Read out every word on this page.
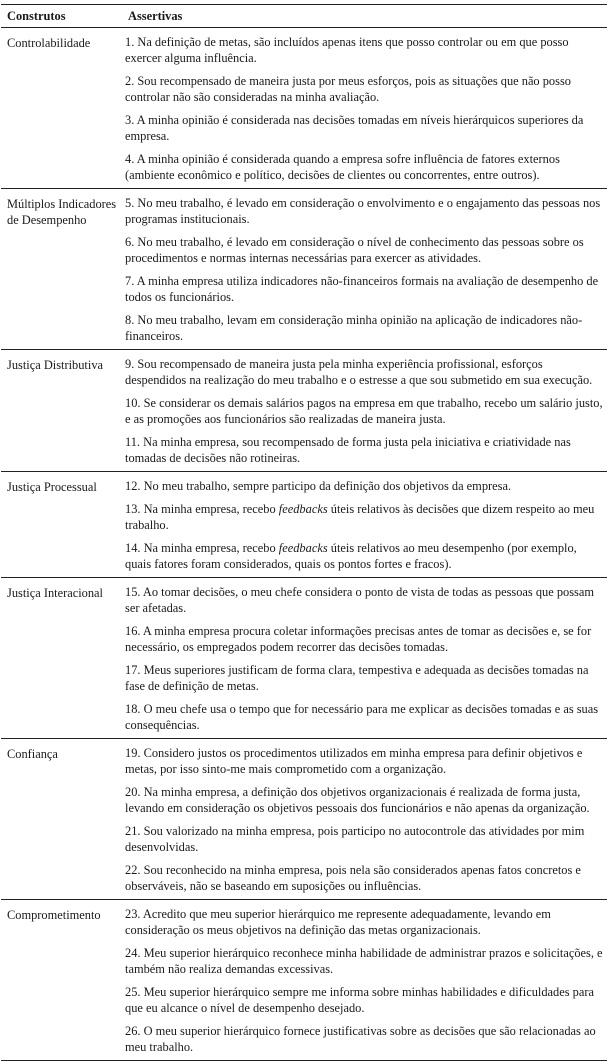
Construtos	Assertivas
Controlabilidade	1. Na definição de metas, são incluídos apenas itens que posso controlar ou em que posso exercer alguma influência.
2. Sou recompensado de maneira justa por meus esforços, pois as situações que não posso controlar não são consideradas na minha avaliação.
3. A minha opinião é considerada nas decisões tomadas em níveis hierárquicos superiores da empresa.
4. A minha opinião é considerada quando a empresa sofre influência de fatores externos (ambiente econômico e político, decisões de clientes ou concorrentes, entre outros).

Múltiplos Indicadores de Desempenho	5. No meu trabalho, é levado em consideração o envolvimento e o engajamento das pessoas nos programas institucionais.
6. No meu trabalho, é levado em consideração o nível de conhecimento das pessoas sobre os procedimentos e normas internas necessárias para exercer as atividades.
7. A minha empresa utiliza indicadores não-financeiros formais na avaliação de desempenho de todos os funcionários.
8. No meu trabalho, levam em consideração minha opinião na aplicação de indicadores não-financeiros.

Justiça Distributiva	9. Sou recompensado de maneira justa pela minha experiência profissional, esforços despendidos na realização do meu trabalho e o estresse a que sou submetido em sua execução.
10. Se considerar os demais salários pagos na empresa em que trabalho, recebo um salário justo, e as promoções aos funcionários são realizadas de maneira justa.
11. Na minha empresa, sou recompensado de forma justa pela iniciativa e criatividade nas tomadas de decisões não rotineiras.

Justiça Processual	12. No meu trabalho, sempre participo da definição dos objetivos da empresa.
13. Na minha empresa, recebo feedbacks úteis relativos às decisões que dizem respeito ao meu trabalho.
14. Na minha empresa, recebo feedbacks úteis relativos ao meu desempenho (por exemplo, quais fatores foram considerados, quais os pontos fortes e fracos).

Justiça Interacional	15. Ao tomar decisões, o meu chefe considera o ponto de vista de todas as pessoas que possam ser afetadas.
16. A minha empresa procura coletar informações precisas antes de tomar as decisões e, se for necessário, os empregados podem recorrer das decisões tomadas.
17. Meus superiores justificam de forma clara, tempestiva e adequada as decisões tomadas na fase de definição de metas.
18. O meu chefe usa o tempo que for necessário para me explicar as decisões tomadas e as suas consequências.

Confiança	19. Considero justos os procedimentos utilizados em minha empresa para definir objetivos e metas, por isso sinto-me mais comprometido com a organização.
20. Na minha empresa, a definição dos objetivos organizacionais é realizada de forma justa, levando em consideração os objetivos pessoais dos funcionários e não apenas da organização.
21. Sou valorizado na minha empresa, pois participo no autocontrole das atividades por mim desenvolvidas.
22. Sou reconhecido na minha empresa, pois nela são considerados apenas fatos concretos e observáveis, não se baseando em suposições ou influências.

Comprometimento	23. Acredito que meu superior hierárquico me represente adequadamente, levando em consideração os meus objetivos na definição das metas organizacionais.
24. Meu superior hierárquico reconhece minha habilidade de administrar prazos e solicitações, e também não realiza demandas excessivas.
25. Meu superior hierárquico sempre me informa sobre minhas habilidades e dificuldades para que eu alcance o nível de desempenho desejado.
26. O meu superior hierárquico fornece justificativas sobre as decisões que são relacionadas ao meu trabalho.
